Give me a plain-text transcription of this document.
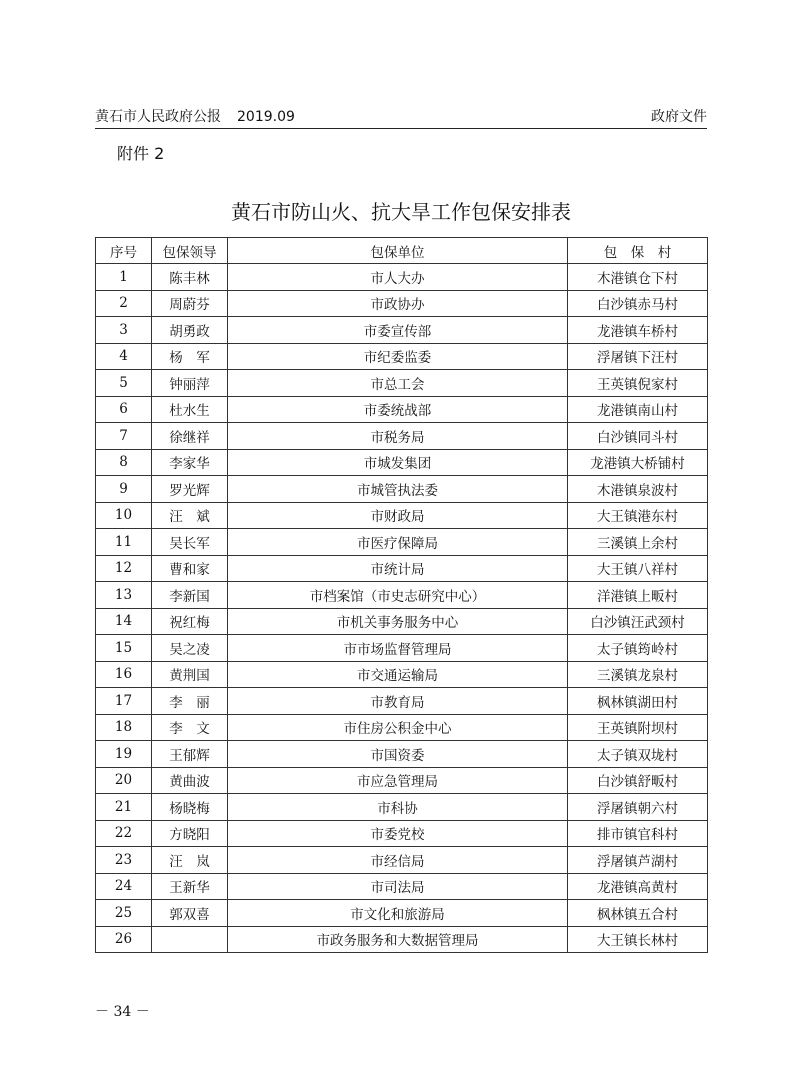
黄石市人民政府公报 2019.09	政府文件
附件 2
黄石市防山火、抗大旱工作包保安排表
序号	包保领导	包保单位	包　保　村
1	陈丰林	市人大办	木港镇仓下村
2	周蔚芬	市政协办	白沙镇赤马村
3	胡勇政	市委宣传部	龙港镇车桥村
4	杨　军	市纪委监委	浮屠镇下汪村
5	钟丽萍	市总工会	王英镇倪家村
6	杜水生	市委统战部	龙港镇南山村
7	徐继祥	市税务局	白沙镇同斗村
8	李家华	市城发集团	龙港镇大桥铺村
9	罗光辉	市城管执法委	木港镇泉波村
10	汪　斌	市财政局	大王镇港东村
11	吴长军	市医疗保障局	三溪镇上余村
12	曹和家	市统计局	大王镇八祥村
13	李新国	市档案馆（市史志研究中心）	洋港镇上畈村
14	祝红梅	市机关事务服务中心	白沙镇汪武颈村
15	吴之凌	市市场监督管理局	太子镇筠岭村
16	黄荆国	市交通运输局	三溪镇龙泉村
17	李　丽	市教育局	枫林镇湖田村
18	李　文	市住房公积金中心	王英镇附坝村
19	王郁辉	市国资委	太子镇双垅村
20	黄曲波	市应急管理局	白沙镇舒畈村
21	杨晓梅	市科协	浮屠镇朝六村
22	方晓阳	市委党校	排市镇官科村
23	汪　岚	市经信局	浮屠镇芦湖村
24	王新华	市司法局	龙港镇高黄村
25	郭双喜	市文化和旅游局	枫林镇五合村
26		市政务服务和大数据管理局	大王镇长林村
－ 34 －
